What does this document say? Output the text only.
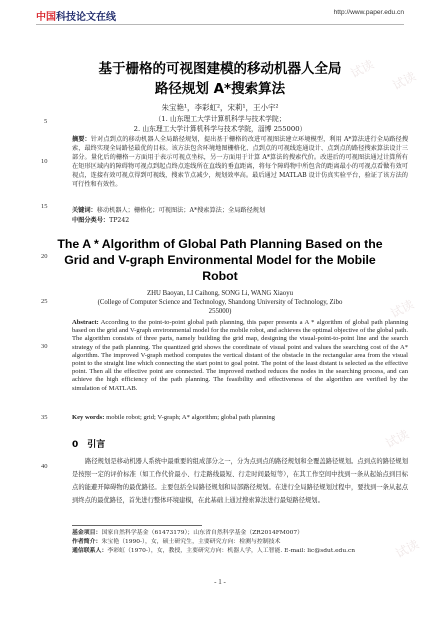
中国科技论文在线	http://www.paper.edu.cn
试读
试读
试读
试读
试读
试读
5
10
15
20
25
30
35
40
基于栅格的可视图建模的移动机器人全局
路径规划 A*搜索算法
朱宝艳¹，李彩虹²，宋莉¹，王小宇²
（1. 山东理工大学计算机科学与技术学院；
2. 山东理工大学计算机科学与技术学院，淄博 255000）
摘要：针对点到点的移动机器人全局路径规划，提出基于栅格的改进可视图法建立环境模型，利用 A*算法进行全局路径搜索，最终实现全局路径最优的目标。该方法包含环境地图栅格化、点到点的可视线连通设计、点到点的路径搜索算法设计三部分。量化后的栅格一方面用于表示可视点坐标，另一方面用于计算 A*算法的搜索代价。改进后的可视图法通过计算所有在矩形区域内的障碍物可视点到起点终点连线所在直线的垂直距离，将每个障碍物中所包含的距离最小的可视点看做有效可视点，连接有效可视点得到可视线，搜索节点减少，规划效率高。最后通过 MATLAB 设计仿真实验平台，验证了该方法的可行性和有效性。
关键词：移动机器人；栅格化；可视图法；A*搜索算法；全局路径规划
中图分类号：TP242
The A * Algorithm of Global Path Planning Based on the
Grid and V-graph Environmental Model for the Mobile
Robot
ZHU Baoyan, LI Caihong, SONG Li, WANG Xiaoyu
(College of Computer Science and Technology, Shandong University of Technology, Zibo
255000)
Abstract: According to the point-to-point global path planning, this paper presents a A * algorithm of global path planning based on the grid and V-graph environmental model for the mobile robot, and achieves the optimal objective of the global path. The algorithm consists of three parts, namely building the grid map, designing the visual-point-to-point line and the search strategy of the path planning. The quantized grid shows the coordinate of visual point and values the searching cost of the A* algorithm. The improved V-graph method computes the vertical distant of the obstacle in the rectangular area from the visual point to the straight line which connecting the start point to goal point. The point of the least distant is selected as the effective point. Then all the effective point are connected. The improved method reduces the nodes in the searching process, and can achieve the high efficiency of the path planning. The feasibility and effectiveness of the algorithm are verified by the simulation of MATLAB.
Key words: mobile robot; grid; V-graph; A* algorithm; global path planning
0　引言
路径规划是移动机器人系统中最重要的组成部分之一，分为点到点的路径规划和全覆盖路径规划。点到点的路径规划是按照一定的评价标准（如工作代价最小、行走路线最短、行走时间最短等），在其工作空间中找到一条从起始点到目标点的能避开障碍物的最优路径。主要包括全局路径规划和局部路径规划。在进行全局路径规划过程中，要找到一条从起点到终点的最优路径，首先进行整体环境建模，在此基础上通过搜索算法进行最短路径规划。
基金项目：国家自然科学基金（61473179）；山东省自然科学基金（ZR2014FM007）
作者简介：朱宝艳（1990-），女，硕士研究生，主要研究方向：检测与控制技术
通信联系人：李彩虹（1970-），女，教授，主要研究方向：机器人学，人工智能. E-mail: lic@sdut.edu.cn
- 1 -
